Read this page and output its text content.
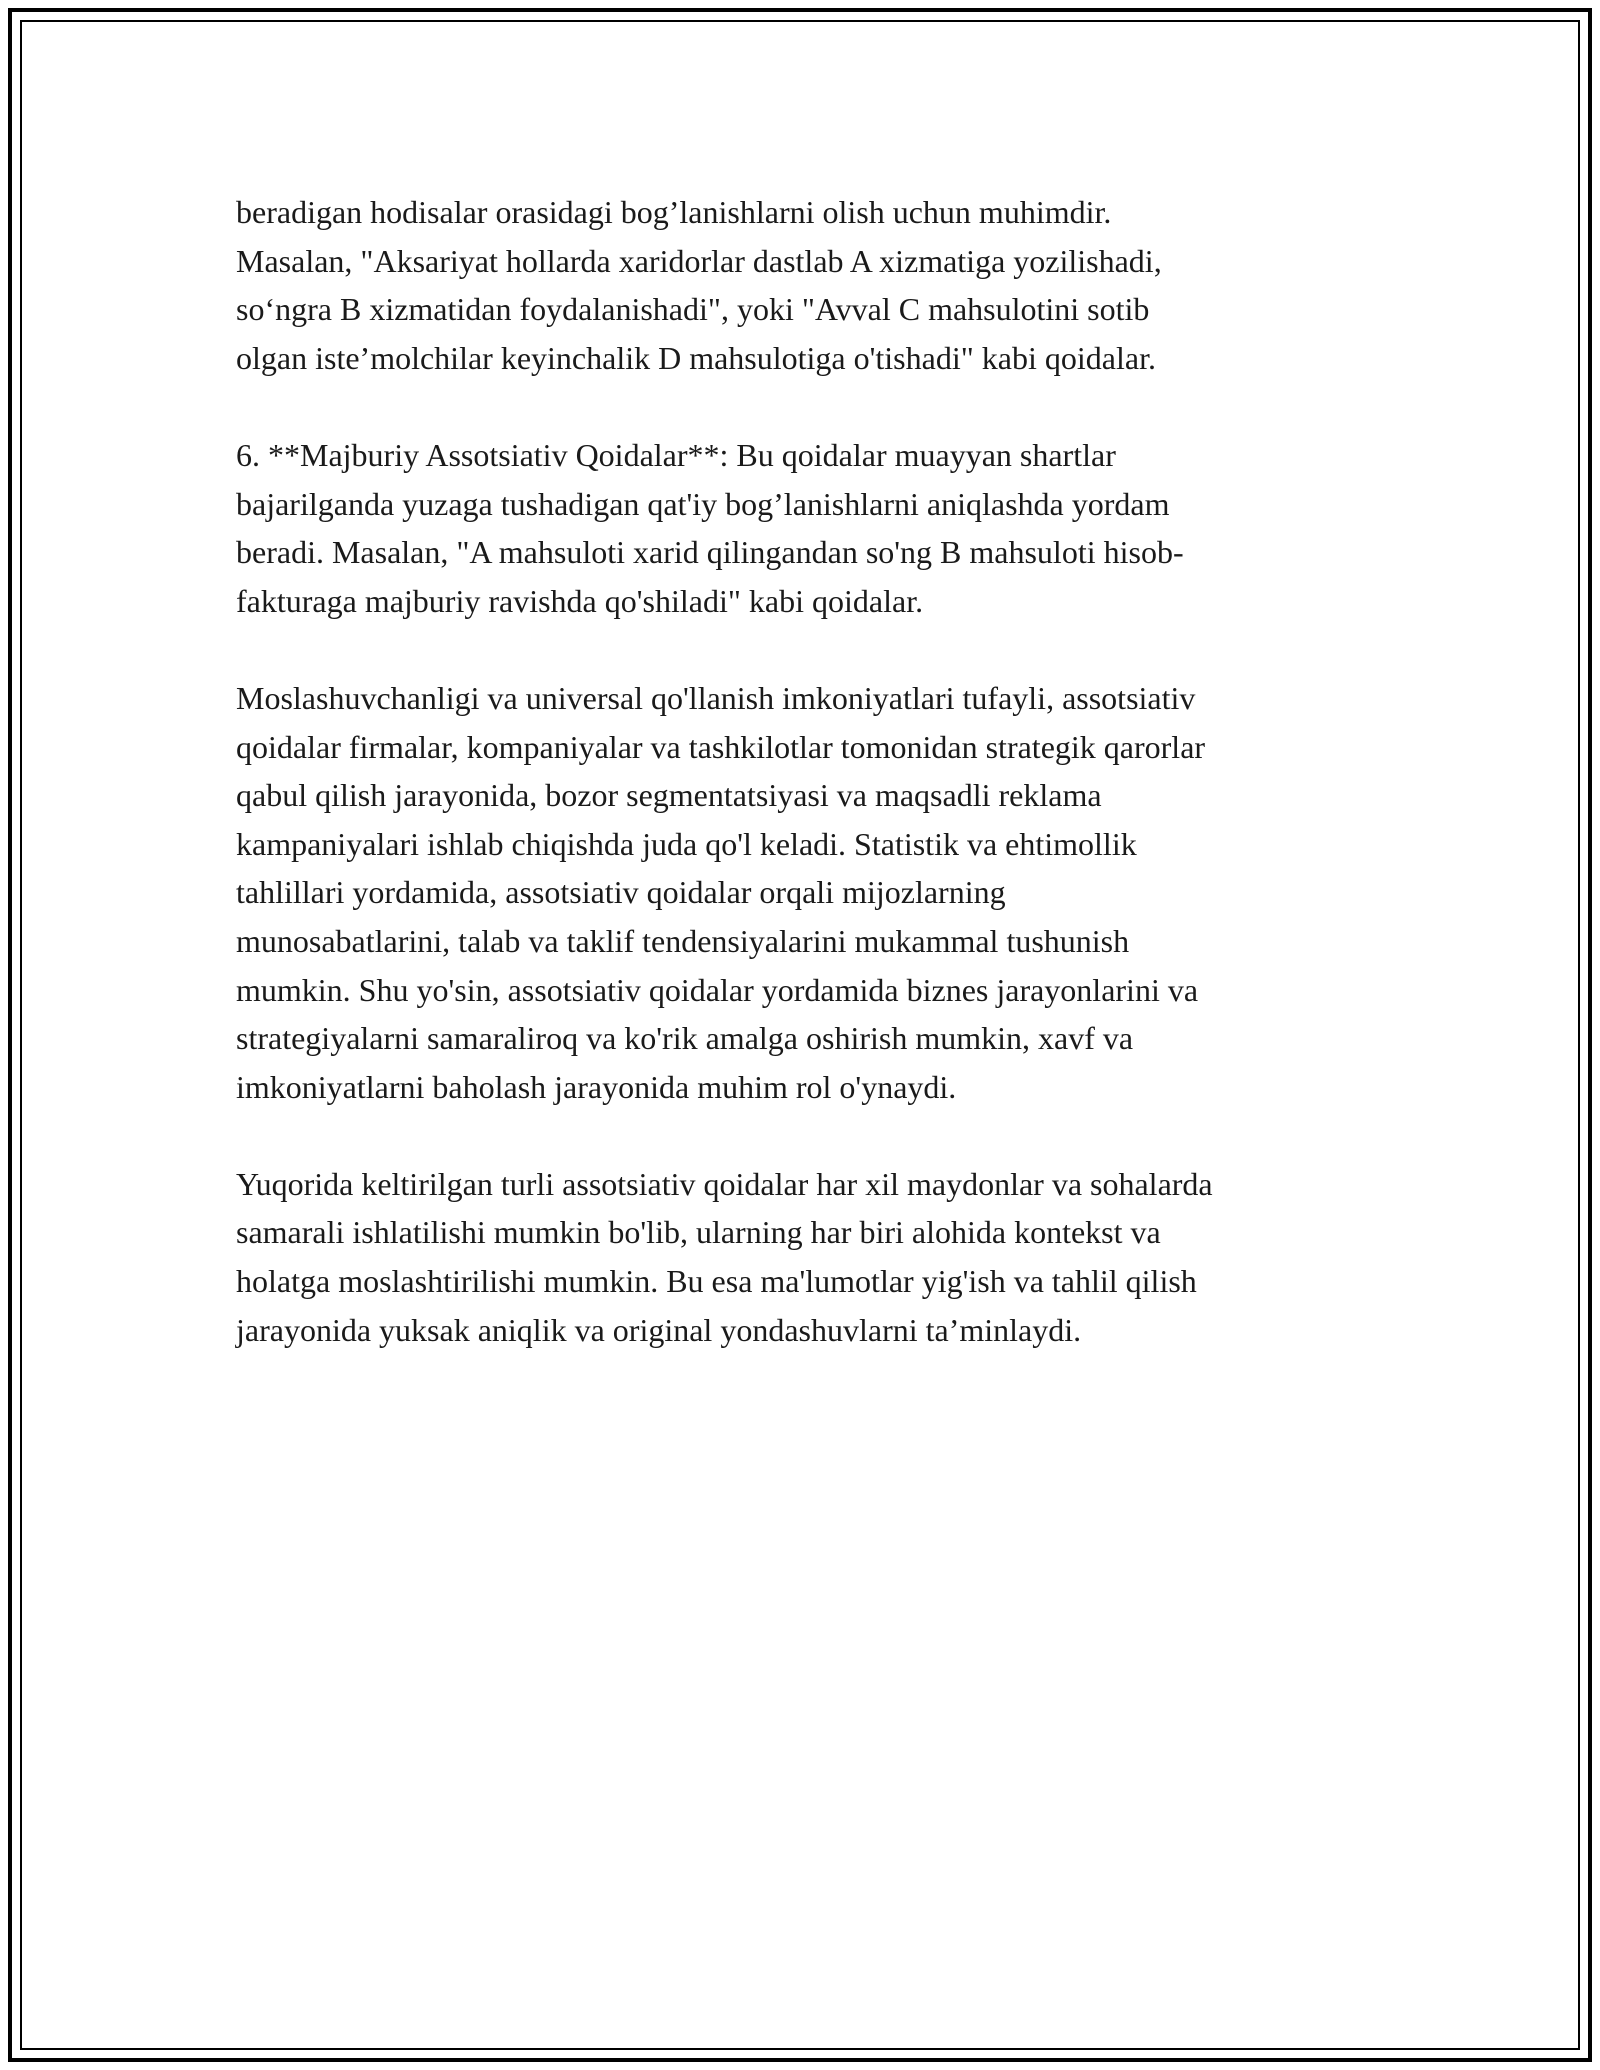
beradigan hodisalar orasidagi bog’lanishlarni olish uchun muhimdir.
Masalan, "Aksariyat hollarda xaridorlar dastlab A xizmatiga yozilishadi,
so‘ngra B xizmatidan foydalanishadi", yoki "Avval C mahsulotini sotib
olgan iste’molchilar keyinchalik D mahsulotiga o'tishadi" kabi qoidalar.

6. **Majburiy Assotsiativ Qoidalar**: Bu qoidalar muayyan shartlar
bajarilganda yuzaga tushadigan qat'iy bog’lanishlarni aniqlashda yordam
beradi. Masalan, "A mahsuloti xarid qilingandan so'ng B mahsuloti hisob-
fakturaga majburiy ravishda qo'shiladi" kabi qoidalar.

Moslashuvchanligi va universal qo'llanish imkoniyatlari tufayli, assotsiativ
qoidalar firmalar, kompaniyalar va tashkilotlar tomonidan strategik qarorlar
qabul qilish jarayonida, bozor segmentatsiyasi va maqsadli reklama
kampaniyalari ishlab chiqishda juda qo'l keladi. Statistik va ehtimollik
tahlillari yordamida, assotsiativ qoidalar orqali mijozlarning
munosabatlarini, talab va taklif tendensiyalarini mukammal tushunish
mumkin. Shu yo'sin, assotsiativ qoidalar yordamida biznes jarayonlarini va
strategiyalarni samaraliroq va ko'rik amalga oshirish mumkin, xavf va
imkoniyatlarni baholash jarayonida muhim rol o'ynaydi.

Yuqorida keltirilgan turli assotsiativ qoidalar har xil maydonlar va sohalarda
samarali ishlatilishi mumkin bo'lib, ularning har biri alohida kontekst va
holatga moslashtirilishi mumkin. Bu esa ma'lumotlar yig'ish va tahlil qilish
jarayonida yuksak aniqlik va original yondashuvlarni ta’minlaydi.
